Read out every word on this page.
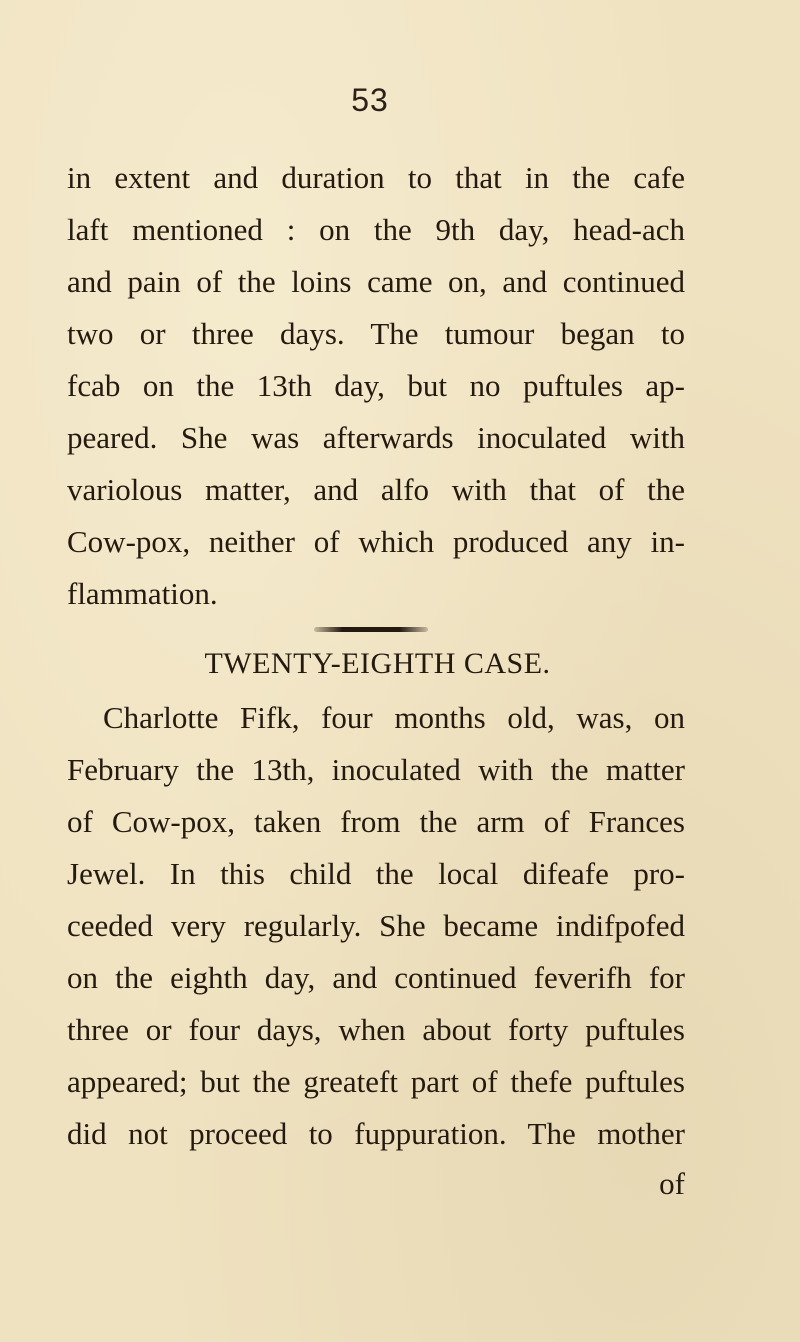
53
in extent and duration to that in the cafe
laft mentioned : on the 9th day, head-ach
and pain of the loins came on, and continued
two or three days. The tumour began to
fcab on the 13th day, but no puftules ap-
peared. She was afterwards inoculated with
variolous matter, and alfo with that of the
Cow-pox, neither of which produced any in-
flammation.
TWENTY-EIGHTH CASE.
Charlotte Fifk, four months old, was, on
February the 13th, inoculated with the matter
of Cow-pox, taken from the arm of Frances
Jewel. In this child the local difeafe pro-
ceeded very regularly. She became indifpofed
on the eighth day, and continued feverifh for
three or four days, when about forty puftules
appeared; but the greateft part of thefe puftules
did not proceed to fuppuration. The mother
of
